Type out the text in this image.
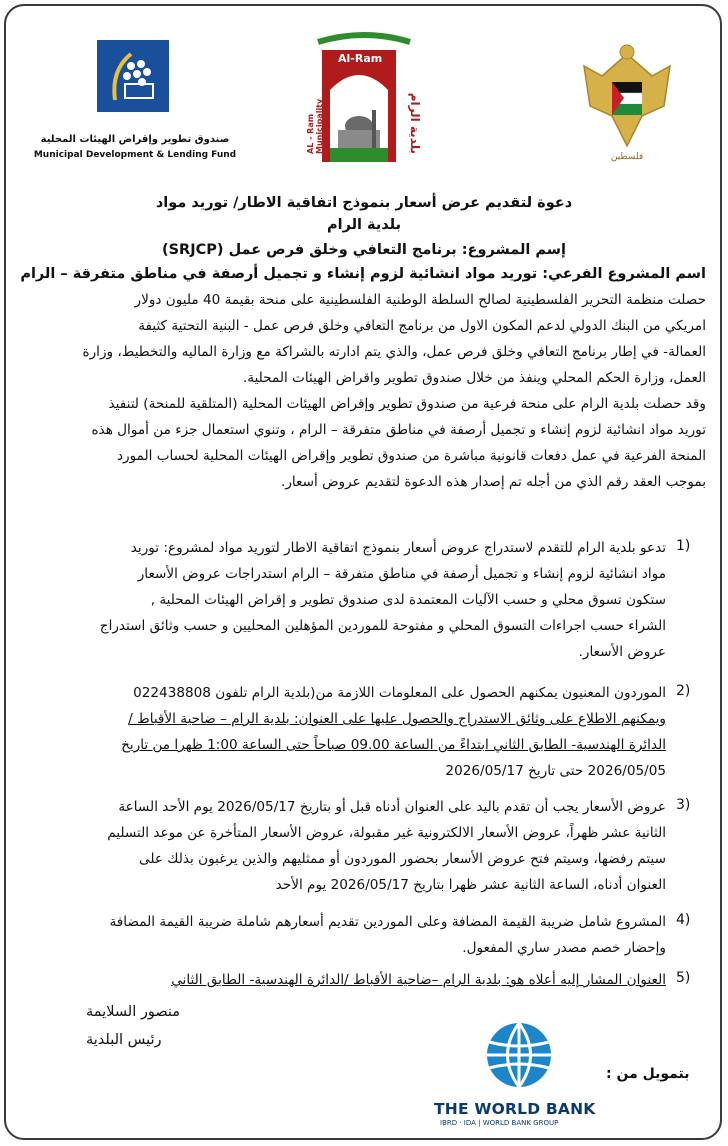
صندوق تطوير وإقراض الهيئات المحلية
Municipal Development & Lending Fund
Al-Ram
AL - Ram Municipality	بلدية الرام
فلسطين
دعوة لتقديم عرض أسعار بنموذج اتفاقية الاطار/ توريد مواد
بلدية الرام
إسم المشروع: برنامج التعافي وخلق فرص عمل (SRJCP)
اسم المشروع الفرعي: توريد مواد انشائية لزوم إنشاء و تجميل أرصفة في مناطق متفرقة – الرام
حصلت منظمة التحرير الفلسطينية لصالح السلطة الوطنية الفلسطينية على منحة بقيمة 40 مليون دولار
امريكي من البنك الدولي لدعم المكون الاول من برنامج التعافي وخلق فرص عمل - البنية التحتية كثيفة
العمالة- في إطار برنامج التعافي وخلق فرص عمل، والذي يتم ادارته بالشراكة مع وزارة الماليه والتخطيط، وزارة
العمل، وزارة الحكم المحلي وينفذ من خلال صندوق تطوير واقراض الهيئات المحلية.
وقد حصلت بلدية الرام على منحة فرعية من صندوق تطوير وإقراض الهيئات المحلية (المتلقية للمنحة) لتنفيذ
توريد مواد انشائية لزوم إنشاء و تجميل أرصفة في مناطق متفرقة – الرام ، وتنوي استعمال جزء من أموال هذه
المنحة الفرعية في عمل دفعات قانونية مباشرة من صندوق تطوير وإقراض الهيئات المحلية لحساب المورد
بموجب العقد رقم الذي من أجله تم إصدار هذه الدعوة لتقديم عروض أسعار.
1)
تدعو بلدية الرام للتقدم لاستدراج عروض أسعار بنموذج اتفاقية الاطار لتوريد مواد لمشروع: توريد
مواد انشائية لزوم إنشاء و تجميل أرصفة في مناطق متفرقة – الرام استدراجات عروض الأسعار
ستكون تسوق محلي و حسب الآليات المعتمدة لدى صندوق تطوير و إقراض الهيئات المحلية ,
الشراء حسب اجراءات التسوق المحلي و مفتوحة للموردين المؤهلين المحليين و حسب وثائق استدراج
عروض الأسعار.
2)
الموردون المعنيون يمكنهم الحصول على المعلومات اللازمة من(بلدية الرام تلفون 022438808
ويمكنهم الاطلاع على وثائق الاستدراج والحصول عليها على العنوان: بلدية الرام – ضاحية الأقباط /
الدائرة الهندسية- الطابق الثاني ابتداءً من الساعة 09.00 صباحاً حتى الساعة 1:00 ظهرا من تاريخ
2026/05/05 حتى تاريخ 2026/05/17
3)
عروض الأسعار يجب أن تقدم باليد على العنوان أدناه قبل أو بتاريخ 2026/05/17 يوم الأحد الساعة
الثانية عشر ظهراً، عروض الأسعار الالكترونية غير مقبولة، عروض الأسعار المتأخرة عن موعد التسليم
سيتم رفضها، وسيتم فتح عروض الأسعار بحضور الموردون أو ممثليهم والذين يرغبون بذلك على
العنوان أدناه، الساعة الثانية عشر ظهرا بتاريخ 2026/05/17 يوم الأحد
4)
المشروع شامل ضريبة القيمة المضافة وعلى الموردين تقديم أسعارهم شاملة ضريبة القيمة المضافة
وإحضار خصم مصدر ساري المفعول.
5)
العنوان المشار إليه أعلاه هو: بلدية الرام –ضاحية الأقباط /الدائرة الهندسية- الطابق الثاني
منصور السلايمة
رئيس البلدية
بتمويل من :
THE WORLD BANK
IBRD · IDA | WORLD BANK GROUP
